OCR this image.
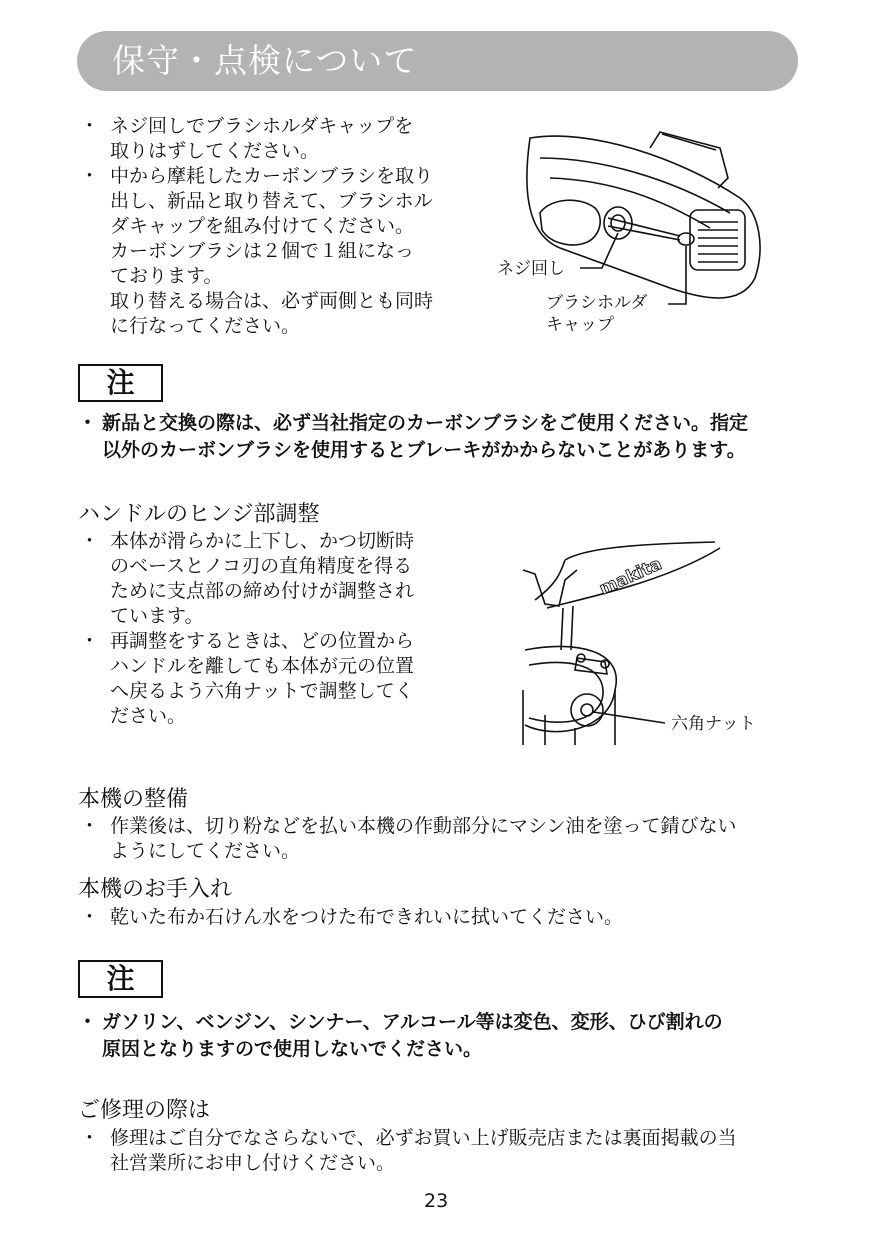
保守・点検について
・ ネジ回しでブラシホルダキャップを
取りはずしてください。
・ 中から摩耗したカーボンブラシを取り
出し、新品と取り替えて、ブラシホル
ダキャップを組み付けてください。
カーボンブラシは２個で１組になっ
ております。
取り替える場合は、必ず両側とも同時
に行なってください。
ネジ回し
ブラシホルダ
キャップ
注
・ 新品と交換の際は、必ず当社指定のカーボンブラシをご使用ください。指定
以外のカーボンブラシを使用するとブレーキがかからないことがあります。
ハンドルのヒンジ部調整
・ 本体が滑らかに上下し、かつ切断時
のベースとノコ刃の直角精度を得る
ために支点部の締め付けが調整され
ています。
・ 再調整をするときは、どの位置から
ハンドルを離しても本体が元の位置
へ戻るよう六角ナットで調整してく
ださい。
makita
六角ナット
本機の整備
・ 作業後は、切り粉などを払い本機の作動部分にマシン油を塗って錆びない
ようにしてください。
本機のお手入れ
・ 乾いた布か石けん水をつけた布できれいに拭いてください。
注
・ ガソリン、ベンジン、シンナー、アルコール等は変色、変形、ひび割れの
原因となりますので使用しないでください。
ご修理の際は
・ 修理はご自分でなさらないで、必ずお買い上げ販売店または裏面掲載の当
社営業所にお申し付けください。
23
